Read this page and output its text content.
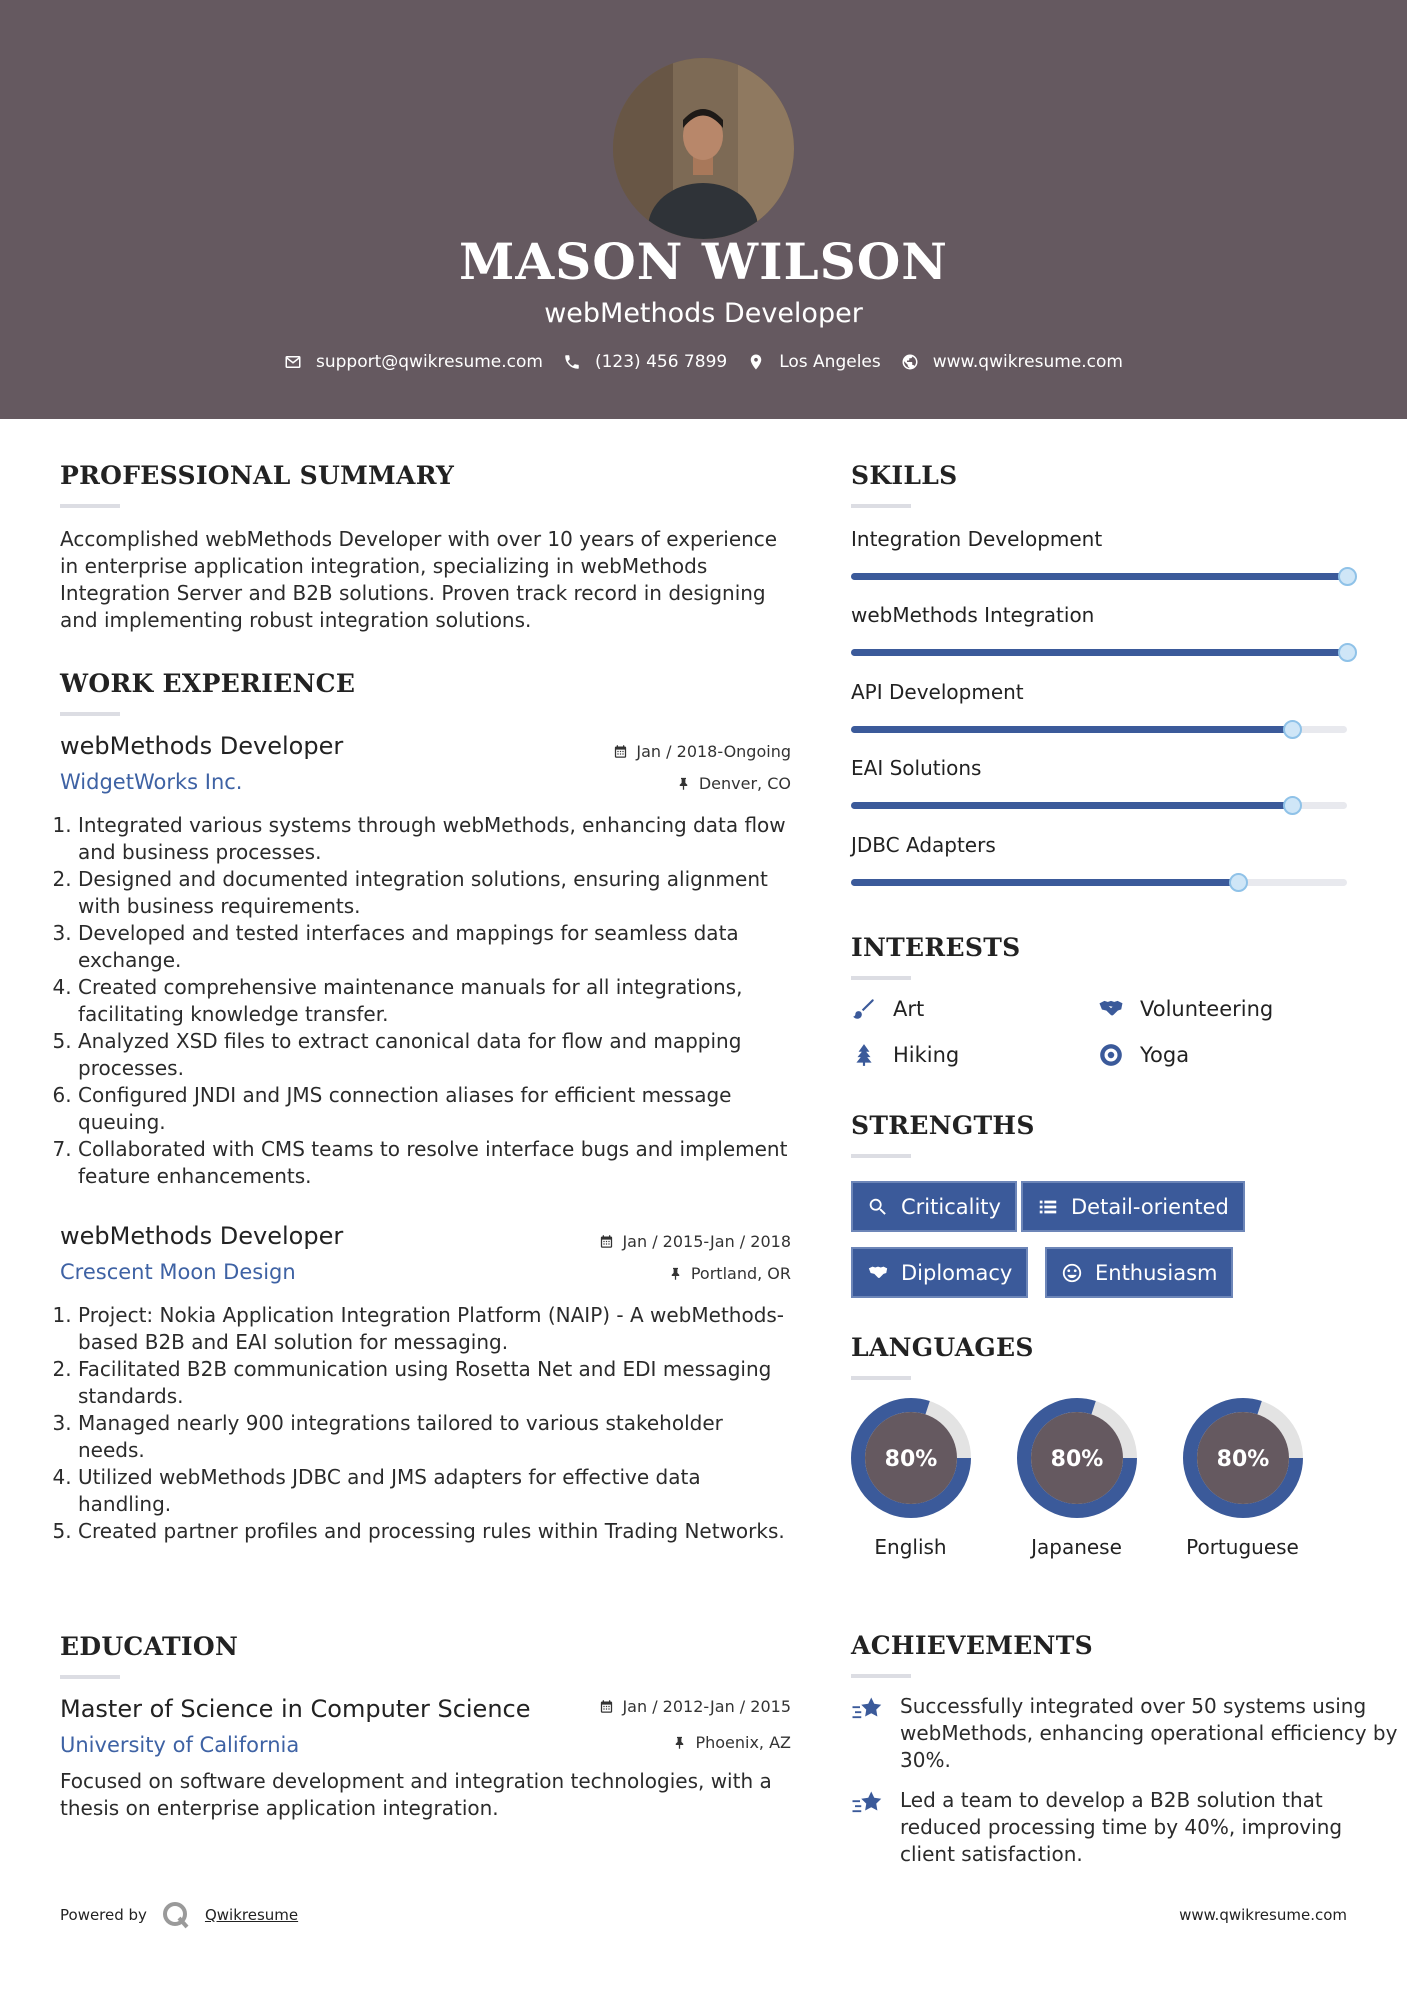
MASON WILSON
webMethods Developer
support@qwikresume.com	(123) 456 7899	Los Angeles	www.qwikresume.com
PROFESSIONAL SUMMARY
Accomplished webMethods Developer with over 10 years of experience in enterprise application integration, specializing in webMethods Integration Server and B2B solutions. Proven track record in designing and implementing robust integration solutions.
WORK EXPERIENCE
webMethods Developer	Jan / 2018-Ongoing
WidgetWorks Inc.	Denver, CO
1. Integrated various systems through webMethods, enhancing data flow and business processes.
2. Designed and documented integration solutions, ensuring alignment with business requirements.
3. Developed and tested interfaces and mappings for seamless data exchange.
4. Created comprehensive maintenance manuals for all integrations, facilitating knowledge transfer.
5. Analyzed XSD files to extract canonical data for flow and mapping processes.
6. Configured JNDI and JMS connection aliases for efficient message queuing.
7. Collaborated with CMS teams to resolve interface bugs and implement feature enhancements.
webMethods Developer	Jan / 2015-Jan / 2018
Crescent Moon Design	Portland, OR
1. Project: Nokia Application Integration Platform (NAIP) - A webMethods-based B2B and EAI solution for messaging.
2. Facilitated B2B communication using Rosetta Net and EDI messaging standards.
3. Managed nearly 900 integrations tailored to various stakeholder needs.
4. Utilized webMethods JDBC and JMS adapters for effective data handling.
5. Created partner profiles and processing rules within Trading Networks.
EDUCATION
Master of Science in Computer Science	Jan / 2012-Jan / 2015
University of California	Phoenix, AZ
Focused on software development and integration technologies, with a thesis on enterprise application integration.
SKILLS
Integration Development
webMethods Integration
API Development
EAI Solutions
JDBC Adapters
INTERESTS
Art	Volunteering
Hiking	Yoga
STRENGTHS
Criticality	Detail-oriented
Diplomacy	Enthusiasm
LANGUAGES
80%
English
80%
Japanese
80%
Portuguese
ACHIEVEMENTS
Successfully integrated over 50 systems using webMethods, enhancing operational efficiency by 30%.
Led a team to develop a B2B solution that reduced processing time by 40%, improving client satisfaction.
Powered by	Qwikresume	www.qwikresume.com
